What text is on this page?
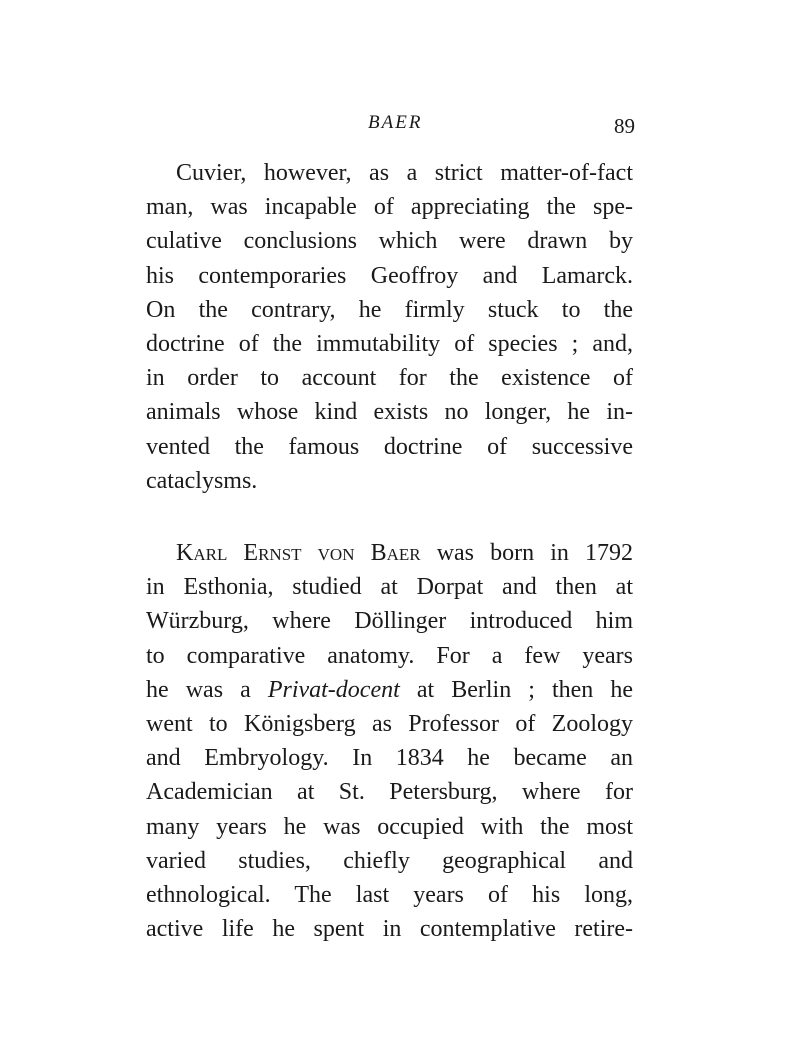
BAER	89
Cuvier, however, as a strict matter-of-fact
man, was incapable of appreciating the spe-
culative conclusions which were drawn by
his contemporaries Geoffroy and Lamarck.
On the contrary, he firmly stuck to the
doctrine of the immutability of species ; and,
in order to account for the existence of
animals whose kind exists no longer, he in-
vented the famous doctrine of successive
cataclysms.
Karl Ernst von Baer was born in 1792
in Esthonia, studied at Dorpat and then at
Würzburg, where Döllinger introduced him
to comparative anatomy. For a few years
he was a Privat-docent at Berlin ; then he
went to Königsberg as Professor of Zoology
and Embryology. In 1834 he became an
Academician at St. Petersburg, where for
many years he was occupied with the most
varied studies, chiefly geographical and
ethnological. The last years of his long,
active life he spent in contemplative retire-
